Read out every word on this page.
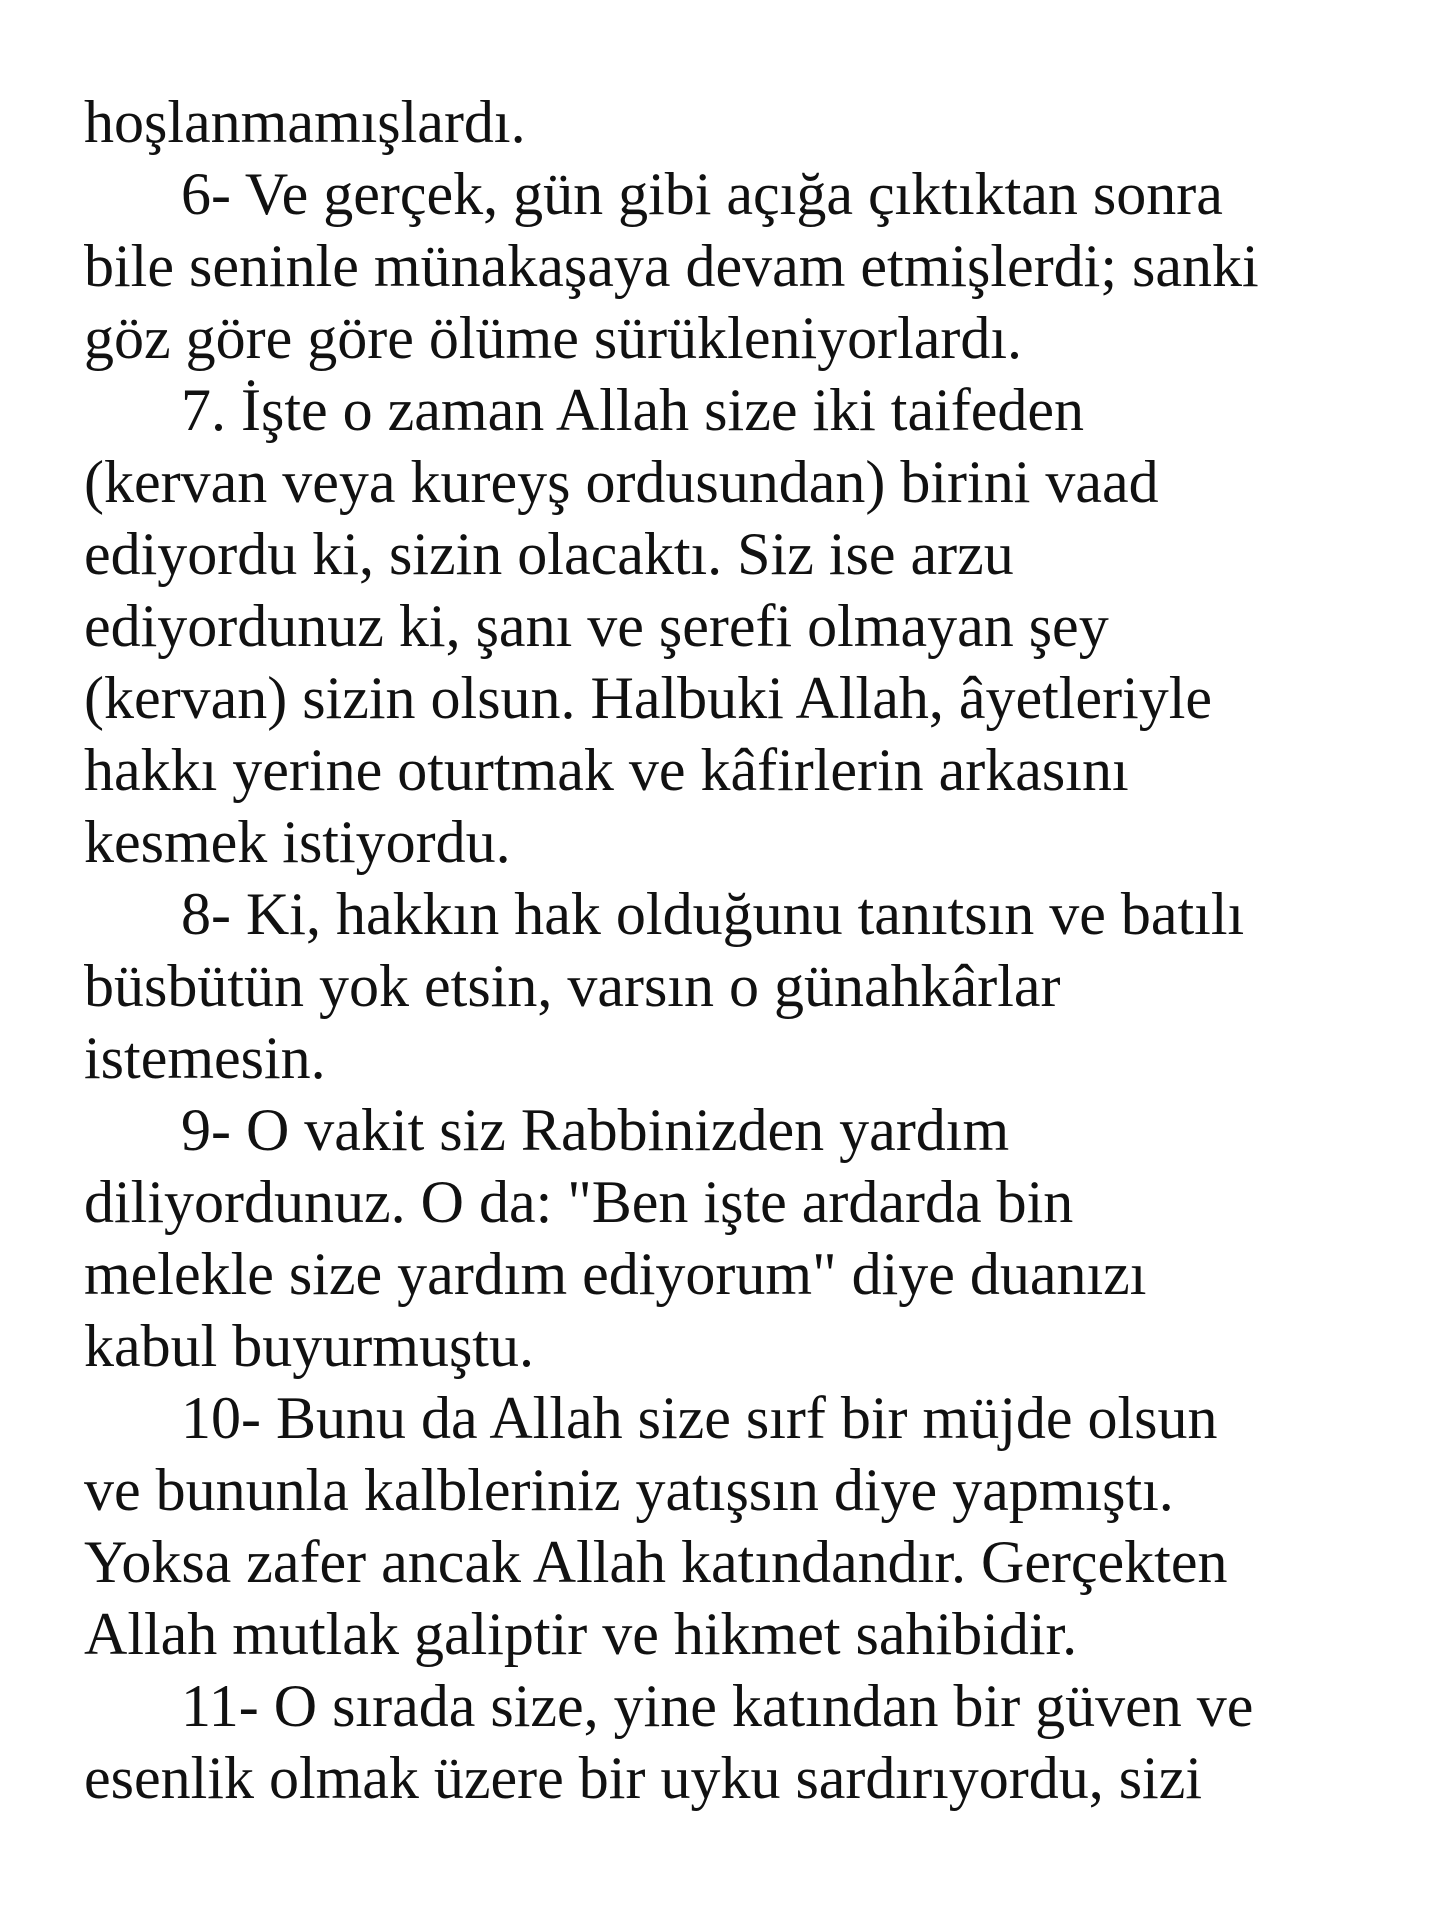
hoşlanmamışlardı.
6- Ve gerçek, gün gibi açığa çıktıktan sonra
bile seninle münakaşaya devam etmişlerdi; sanki
göz göre göre ölüme sürükleniyorlardı.
7. İşte o zaman Allah size iki taifeden
(kervan veya kureyş ordusundan) birini vaad
ediyordu ki, sizin olacaktı. Siz ise arzu
ediyordunuz ki, şanı ve şerefi olmayan şey
(kervan) sizin olsun. Halbuki Allah, âyetleriyle
hakkı yerine oturtmak ve kâfirlerin arkasını
kesmek istiyordu.
8- Ki, hakkın hak olduğunu tanıtsın ve batılı
büsbütün yok etsin, varsın o günahkârlar
istemesin.
9- O vakit siz Rabbinizden yardım
diliyordunuz. O da: "Ben işte ardarda bin
melekle size yardım ediyorum" diye duanızı
kabul buyurmuştu.
10- Bunu da Allah size sırf bir müjde olsun
ve bununla kalbleriniz yatışsın diye yapmıştı.
Yoksa zafer ancak Allah katındandır. Gerçekten
Allah mutlak galiptir ve hikmet sahibidir.
11- O sırada size, yine katından bir güven ve
esenlik olmak üzere bir uyku sardırıyordu, sizi
